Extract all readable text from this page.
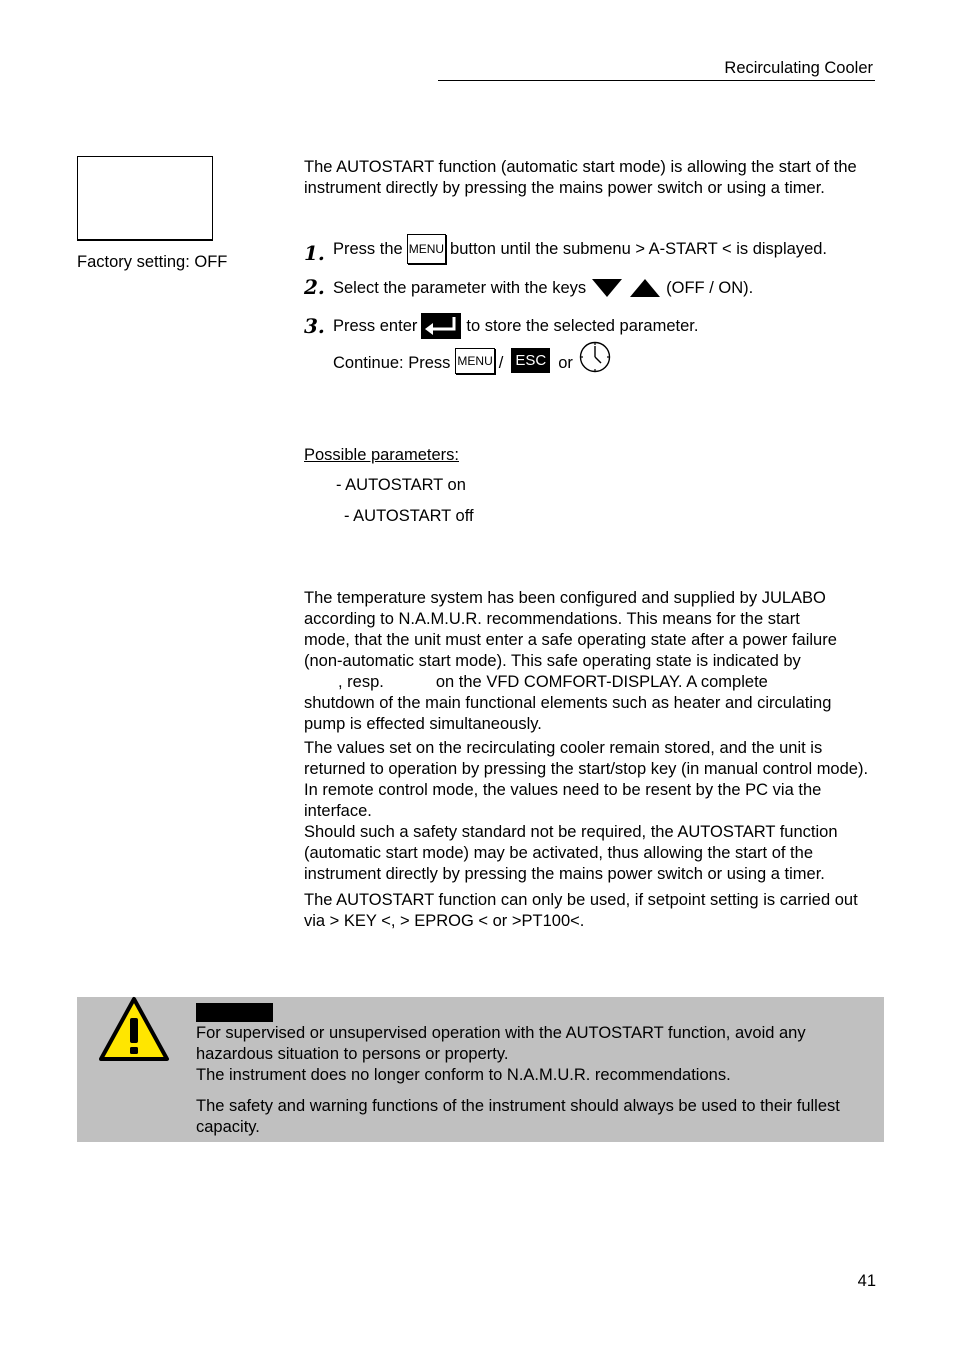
Recirculating Cooler
Factory setting: OFF

The AUTOSTART function (automatic start mode) is allowing the start of the instrument directly by pressing the mains power switch or using a timer.

1. Press the MENU button until the submenu > A-START < is displayed.
2. Select the parameter with the keys	(OFF / ON).
3. Press enter	to store the selected parameter.
Continue: Press MENU / ESC or
Possible parameters:
- AUTOSTART on
- AUTOSTART off
The temperature system has been configured and supplied by JULABO
according to N.A.M.U.R. recommendations. This means for the start
mode, that the unit must enter a safe operating state after a power failure
(non-automatic start mode). This safe operating state is indicated by
, resp.	on the VFD COMFORT-DISPLAY. A complete
shutdown of the main functional elements such as heater and circulating
pump is effected simultaneously.

The values set on the recirculating cooler remain stored, and the unit is returned to operation by pressing the start/stop key (in manual control mode).

In remote control mode, the values need to be resent by the PC via the interface.

Should such a safety standard not be required, the AUTOSTART function (automatic start mode) may be activated, thus allowing the start of the instrument directly by pressing the mains power switch or using a timer.

The AUTOSTART function can only be used, if setpoint setting is carried out via > KEY <, > EPROG < or >PT100<.

For supervised or unsupervised operation with the AUTOSTART function, avoid any hazardous situation to persons or property.

The instrument does no longer conform to N.A.M.U.R. recommendations.

The safety and warning functions of the instrument should always be used to their fullest capacity.

41
